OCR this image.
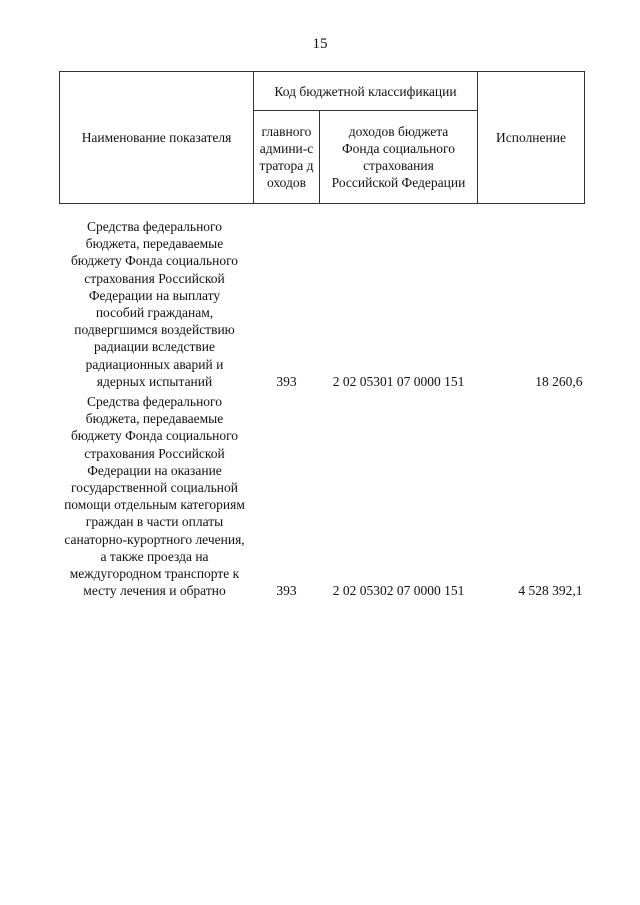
15
Наименование показателя	Код бюджетной классификации		Исполнение

	главного админи-стратора доходов	доходов бюджета Фонда социального страхования Российской Федерации	

Средства федерального бюджета, передаваемые бюджету Фонда социального страхования Российской Федерации на выплату пособий гражданам, подвергшимся воздействию радиации вследствие радиационных аварий и ядерных испытаний	393	2 02 05301 07 0000 151	18 260,6

Средства федерального бюджета, передаваемые бюджету Фонда социального страхования Российской Федерации на оказание государственной социальной помощи отдельным категориям граждан в части оплаты санаторно-курортного лечения, а также проезда на междугородном транспорте к месту лечения и обратно	393	2 02 05302 07 0000 151	4 528 392,1
